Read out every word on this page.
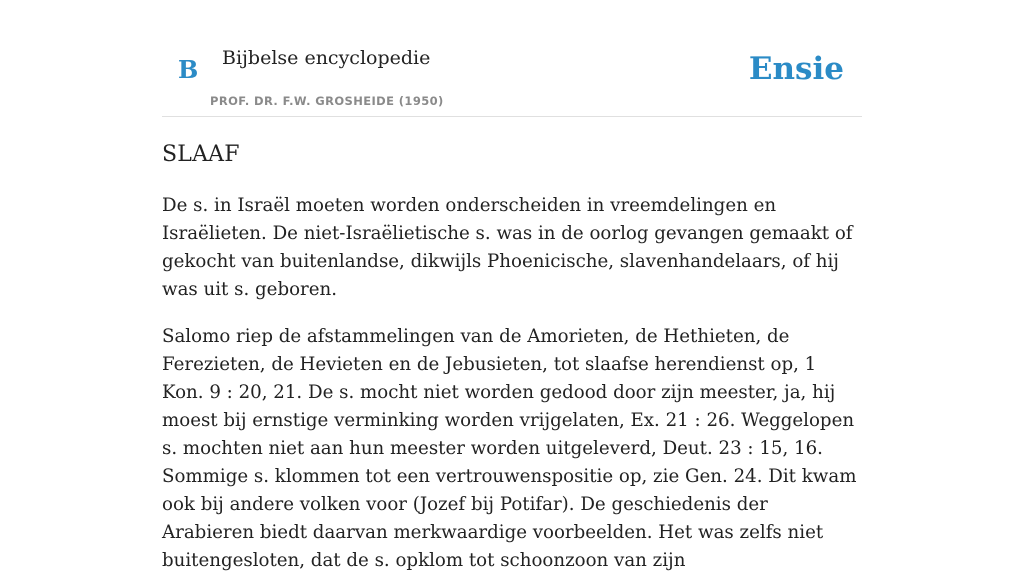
B Bijbelse encyclopedie
PROF. DR. F.W. GROSHEIDE (1950)
Ensie
SLAAF

De s. in Israël moeten worden onderscheiden in vreemdelingen en Israëlieten. De niet-Israëlietische s. was in de oorlog gevangen gemaakt of gekocht van buitenlandse, dikwijls Phoenicische, slavenhandelaars, of hij was uit s. geboren.

Salomo riep de afstammelingen van de Amorieten, de Hethieten, de Ferezieten, de Hevieten en de Jebusieten, tot slaafse herendienst op, 1 Kon. 9 : 20, 21. De s. mocht niet worden gedood door zijn meester, ja, hij moest bij ernstige verminking worden vrijgelaten, Ex. 21 : 26. Weggelopen s. mochten niet aan hun meester worden uitgeleverd, Deut. 23 : 15, 16. Sommige s. klommen tot een vertrouwenspositie op, zie Gen. 24. Dit kwam ook bij andere volken voor (Jozef bij Potifar). De geschiedenis der Arabieren biedt daarvan merkwaardige voorbeelden. Het was zelfs niet buitengesloten, dat de s. opklom tot schoonzoon van zijn
